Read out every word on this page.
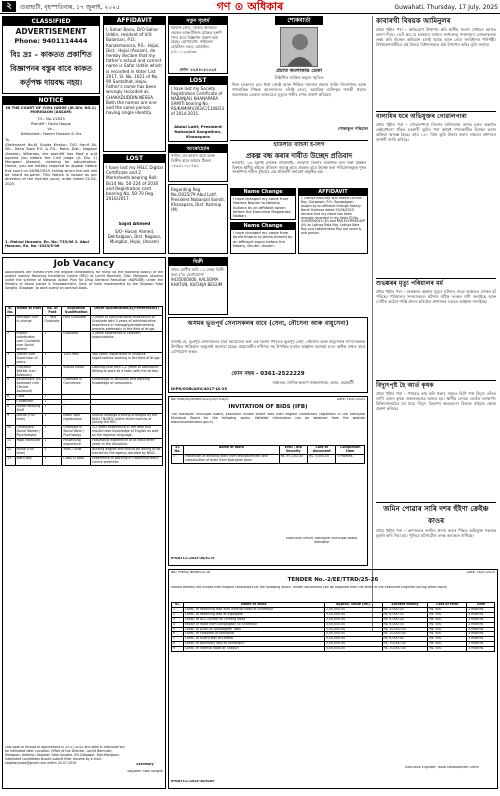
২	গুৱাহাটী, বৃহস্পতিবাৰ, ১৭ জুলাই, ২০২৫	গণ ⊙ অধিকাৰ	Guwahati, Thursday, 17 July, 2025
CLASSIFIED
ADVERTISEMENT
Phone: 9401114444
বিঃ দ্রঃ – কাকতত প্ৰকাশিত
বিজ্ঞাপনৰ বস্তুৰ বাবে কাকত
কৰ্তৃপক্ষ দায়বদ্ধ নহয়।
NOTICE
IN THE COURT OF CIVIL JUDGE (JR.DIV. NO.1) MORIGAON (ASSAM)
T.S.: No.1/2023
Plaintiff : Fazlul Hoque
Vs –
Defendant:- Hanim Hussain & Ors
To,
(Defendant No.6) Sujata Khatun, D/O Hanif Ali, Vill:- Raha Town P.O. & P.S.: Raha, Dist.: Nagaon (Assam). Whereas, the plaintiff has filed a suit against you before the Civil Judge (Jr. Div. 1) Morigaon (Assam), claiming for adjudication. Hence, you are hereby required to appear before this court on 26/08/2025, failing which the suit will be heard ex-parte. This Notice is issued as per direction of the Hon'ble court, order dated 25-04-2025.
1. Moinul Hussain, En. No.-733/06 2. Abul Hannan, En. No.-1023/5-06
AFFIDAVIT
I, Sahar Banu, D/O Sahar Uddin, resident of Vill: Balamari, P.O.: Kanakmanora, P.S.: Hojai, Dist.: Hojai (Assam), do hereby declare that my father's actual and correct name is Safar Uddin which is recorded in Voter List 2017, Sl. No. 1021 of No. 90 Santalhat, Hojai. Father's name has been wrongly recorded as CHAKADUDDIN NESSA. Both the names are one and the same person having single identity.
LOST
I have lost my HSLC Digital Certificate and 2 Marksheets bearing Roll: Bs14 No. 50-224 of 2016 and Registration card bearing No. 50-70 Reg. 2016/2017.
Sajid Ahmed
S/O- Hasan Ahmed, Dekhalgaon, Dist. Nagaon, Mungbar, Hojai, (Assam)
নতুন গৃহধৰ্ম
চিচিফি ৰোড, বিবিচি অ'ফিচৰ ওচৰত আৰু টকিজ চৌকত দূৰুণি পদৰ বাবে বিজ্ঞাপন প্ৰকাশ কৰা হৈছে। যোগাযোগ: সাইমনল হোটেলৰ ওচৰ, মোবাইল: ৯৭০০১২৩৫৩৬
ফোন- ৮২৪৪০৮১৩২৪
LOST
I have lost my Society Registration Certificate of NABANJALI KHANAPARA SAMITI bearing No. RS/KAM(M)/263/C/1108/23 of 2014-2015.
Abdul Latif, President Nabanjali Sangathan, Khanapara
আৰোহ্যোৰ
নগাওঁ, ঘৰ ভাৰাৰ বাবে আৰু বিক্ৰীৰ বাবে আমাৰ ঠিকনা ০৮৯৪১০২০৭৯২
Regarding Reg. No./2025/79 Abul Latif, President Nabanjali Samiti, Khanapara, Dist: Kamrup (M)
শোকবাৰ্তা
প্ৰয়াত কমলাকান্ত ডেকা
উল্লিখিত ব্যক্তিৰ অমূল্য স্মৃতিত
নিজ চৰকাৰৰ মেৰ ধাৰা জ্যেষ্ঠ আৰু শিক্ষিত সমাজৰ শ্ৰদ্ধাৰ ব্যক্তি জিলাখনৰ আৰু গণতান্ত্ৰিক শিক্ষক আন্দোলনৰ বলিষ্ঠ নেতা, অমায়িক ব্যক্তিত্বৰ গৰাকী প্ৰয়াত কমলাকান্ত ডেকাৰ অসময়তে মৃত্যুত গভীৰ শোক প্ৰকাশ কৰিছো।
শোকাকুল পৰিয়াল
হাউলীত বাহিনী ই-লিগ
প্ৰকল্প বন্ধ কৰাৰ দাবীত উচ্ছেদ প্ৰতিবাদ
নলবাৰী, ১৬ জুলাই (নিজস্ব প্ৰতিনিধি): নলবাৰী জিলাৰ হাউলীত চলি থকা প্ৰকল্পৰ বিৰুদ্ধে স্থানীয় ৰাইজে প্ৰতিবাদ সাব্যস্ত কৰে। প্ৰকল্পৰ বাবে উচ্ছেদ কৰা পৰিয়ালসমূহক পুনৰ সংস্থাপনৰ দাবীত বুধবাৰে এক প্ৰতিবাদী সমাৱেশ অনুষ্ঠিত হয়।
Name Change
I have changed my name from Nasima Begum to Nasima Sultana by an affidavit sworn before the Executive Magistrate, Nalbari.
Name Change
I have changed my name from Jenifa Khatun to Jenifa Ahmed by an affidavit sworn before the Notary, Dhubri, Assam.
AFFIDAVIT
I, Lakhya Bala Roy W/o Padma Lochan Roy, Gorogaon, P.O.: Bongaigaon, Assam by an affidavit through Notary North Salmara dated 23/06/2025 declare that my name has been wrongly recorded in my Voter ID No. 410/0000043 (III) and PAN ECHPR8540P (III) as Lakhya Bala Roy. Lakhya Bala Roy and Lakshmibala Roy are same & one person.
কাবাৰখী বিষয়ক আমিনুলৰ
প্ৰথম পৃষ্ঠাৰ পৰা – অভিযোগ উত্থাপন কৰি স্থানীয় সংবাদ মাধ্যমৰ আগত ভাষণ দিয়ে। তেওঁ কয় যে চৰকাৰে ৰাজ্যৰ সংখ্যালঘু সম্প্ৰদায়ৰ লোকসকলক লক্ষ্য কৰি উচ্ছেদ অভিযান চলাই আছে আৰু সেয়া সংবিধানৰ পৰিপন্থী। বিধায়কগৰাকীয়ে এই বিষয়ে বিধানসভাত প্ৰশ্ন উত্থাপন কৰিব বুলি জনায়।
বালাধিৰ যৰে অভিযুক্তৰ গোৱালপাৰা
প্ৰথম পৃষ্ঠাৰ পৰা – গোৱালপাৰা জিলাৰ বালিজানা ৰাজহ চক্ৰৰ অন্তৰ্গত কেইবাখনো গাঁৱত চৰকাৰী ভূমিৰ পৰা অবৈধ দখলকাৰীক উচ্ছেদ কৰাৰ প্ৰক্ৰিয়া আৰম্ভ হৈছে। প্ৰায় ১৪০ বিঘা ভূমি উদ্ধাৰ কৰাৰ লক্ষ্যৰে প্ৰশাসনে জাননী জাৰি কৰিছে।
শুভঙ্কৰৰ মৃত্যু পৰিয়ালৰ মৰ্ম
প্ৰথম পৃষ্ঠাৰ পৰা – শুভঙ্কৰৰ অকাল মৃত্যুৰ ঘটনাত সমগ্ৰ অঞ্চলত শোকৰ ছাঁ পৰিছে। পৰিয়ালৰ সদস্যসকলে ঘটনাৰ সঠিক তদন্তৰ দাবী জনাইছে আৰু দোষীক কঠোৰ শাস্তি প্ৰদান কৰিবলৈ প্ৰশাসনৰ ওচৰত আহ্বান জনাইছে।
বিদ্যুৎপৃষ্ট হৈ আৰ্ত কৃষক
প্ৰথম পৃষ্ঠাৰ পৰা – পথাৰত কাম কৰি থকাৰ সময়ত ছিগি পৰা বিদ্যুৎ তাঁৰত লাগি এজন কৃষক গুৰুতৰভাৱে আহত হয়। স্থানীয় লোকে তেওঁক তৎক্ষণাৎ চিকিৎসালয়লৈ লৈ যায়। বিদ্যুৎ বিভাগৰ অৱহেলাৰ বিৰুদ্ধে ৰাইজে ক্ষোভ প্ৰকাশ কৰিছে।
জমিন পোৱাৰ সাৰি দশৰ হুঁইণা ক্ৰেইঞ্চ কাওৰ
প্ৰথম পৃষ্ঠাৰ পৰা – আদালতে জামিন প্ৰদান কৰাৰ পিছত অভিযুক্ত সকলক মুকলি কৰি দিয়া হয়। পুলিচে ঘটনাটোৰ তদন্ত অব্যাহত ৰাখিছে।
Job Vacancy
Applications are invited from the eligible candidate(s) for filling up the following post(s) of the project namely Reaching Excellence Centre (REC) at Lachit Barmukh, Dist. Morigaon (Assam) under the scheme of National Action Plan for Drug Demand Reduction (NAPDDR) under the Ministry of Social Justice & Empowerment, Govt. of India implemented by the Saijadan Yuba Sangha, Silasagar, to work purely on contract basis.
Sl. No.	Name of Post	No. of Post	Education Qualification	Other Qualification(s)/Preference(s)
1	Manager cum In-charge	1 - Post Graduate	Post Graduate	2 years of administrative experience or Graduate with 5 years of administrative experience in managing/implementing projects preferably in the field of drugs.
2	Project coordinator cum Counselor cum Social worker	1	Graduate	3 years experience in relevant organizations.
3	Trainer cum Supervisor of peers	1	12th Pass	Two years' experience in instance organizations working in the field of drugs.
4	Outreach Worker cum Advocacy	1	Should know	Cooking-care with 1-2 years of salesforce. Willing to work as a team with the strikes.
5	Accountant (Ex Assessee cum Clerical Assistant)	1	Graduate in Commerce	Knowledge of accounts and working knowledge of computers.
6	Cook	1	-	
7	Chowkidar	1	-	
8	House Keeping Staff	1	-	
9	Doctor (Full time)	1	MBBS with registration	Should undergo training arranged by the NISD / NDDTC within three months of joining the REC.
10	Consultant Social Worker / Psychologist	1	Graduate in Social Work / Psychology	1-2 years experience in the field and should have knowledge of English as well as the regional language.
11	Yoga Instructor	1	Possessing experience	Possessing experience of at least three years in the discipline.
12	Nurse (Full time)	1	ANM / GNM	Nursing degree and should be willing to be trained by the agency decided by NISD.
13	Ward Boy	1	Class XI pass	Experience of working in Hospitals/Health Centre preferred.
Last date of receipt of applications is 25-07-2025 and date of interview will be intimated later. Location: Office of the Director, Lachit Barmukh, Morigaon. Address: Saijadan Yuba Sangha, Vill-Silasagar, Dist-Morigaon. Interested candidates should submit their resume by e-mail: saijadanyuba@gmail.com within 25-07-2025.	Secretary
Saijadan Yuba Sangha
বিক্ৰী
প্ৰথম শ্ৰেণীৰ জমি ১২ লেছা বিক্ৰী কৰা হ'ব। যোগাযোগ: 9435000000, KALSOMA KHATUN, KUCHIJA BEGUM
অসমৰ ভূতপূৰ্ব সেনাসকলৰ বাবে (সেনা, নৌসেনা আৰু বায়ুসেনা)
জানাই যে, ভূতপূৰ্ব সেনাসকলৰ বাবে আয়োজন কৰা এক বিশেষ শিবিৰত ভূতপূৰ্ব সেনা, নৌসেনা আৰু বায়ুসেনাৰ সদস্যসকলক উপস্থিত থাকিবলৈ অনুৰোধ জনোৱা হৈছে। প্ৰয়োজনীয় নথিপত্ৰ সহ উপস্থিত হ'বলৈ আহ্বান জনোৱা হ'ল। অধিক তথ্যৰ বাবে যোগাযোগ কৰক।
ফোন নম্বৰ - 0361-2522229
সঞ্চালক, সৈনিক কল্যাণ সঞ্চালনালয়, অসম, গুৱাহাটী
DIPR/GOB/ADV/4017-JA-25
No: KMB/Sd/Tender/2025/24/79-A(2)	Date: 16/07/2025
INVITATION OF BIDS (IFB)
The Kokrajhar Municipal Board, Kokrajhar invites online bids from eligible contractors registered in the Kokrajhar Municipal Board for the following works. Detailed information can be obtained from the website www.assamtenders.gov.in.
Sl. No.	Name of Work	EMD / Bid Security	Cost of document	Completion time
1	Protection of existing drain from encroachment and construction of drain from Kokrajhar town	Rs. 97,250.00	Rs. 5,000.00	3 months
Executive Officer, Kokrajhar Municipal Board, Kokrajhar
IPR/BTC/C/2025-26/6179
No.: PWRD/Tender/25-26	Date: 16/07/2025
TENDER No.-2/EE/TTRD/25-26
Sealed tenders are invited from eligible contractors for the following works. Tender documents can be obtained from the office of the Executive Engineer during office hours.
Sl.	Name of Work	Approx. value (Rs.)	Earnest money	Cost of form	Time
1	Const. of Retaining wall with Internal Road at Srirampur	2,00,000.00	Rs. 4,000.00	Rs. 500	2 months
2	Const. of Retaining wall at Kajalgaon	3,00,000.00	Rs. 6,000.00	Rs. 500	2 months
3	Const. of RCC culvert at Chirang Road	3,00,000.00	Rs. 6,000.00	Rs. 500	2 months
4	Repair of Road from Bongaigaon to Srirampur	3,00,000.00	Rs. 6,000.00	Rs. 500	2 months
5	Const. of Drain at Gossaigaon Town	5,00,000.00	Rs. 10,000.00	Rs. 500	3 months
6	Const. of Footpath at Kokrajhar	5,00,000.00	Rs. 10,000.00	Rs. 500	3 months
7	Const. of Guard wall at Dotma	3,00,000.00	Rs. 6,000.00	Rs. 500	2 months
8	Const. of Boundary wall at Serfanguri	5,00,000.00	Rs. 10,000.00	Rs. 500	3 months
9	Const. of Internal Road at Titaguri	5,00,000.00	Rs. 10,000.00	Rs. 500	3 months
Executive Engineer, Rural Development Office
IPR/BTC/C/2025-26/6189
